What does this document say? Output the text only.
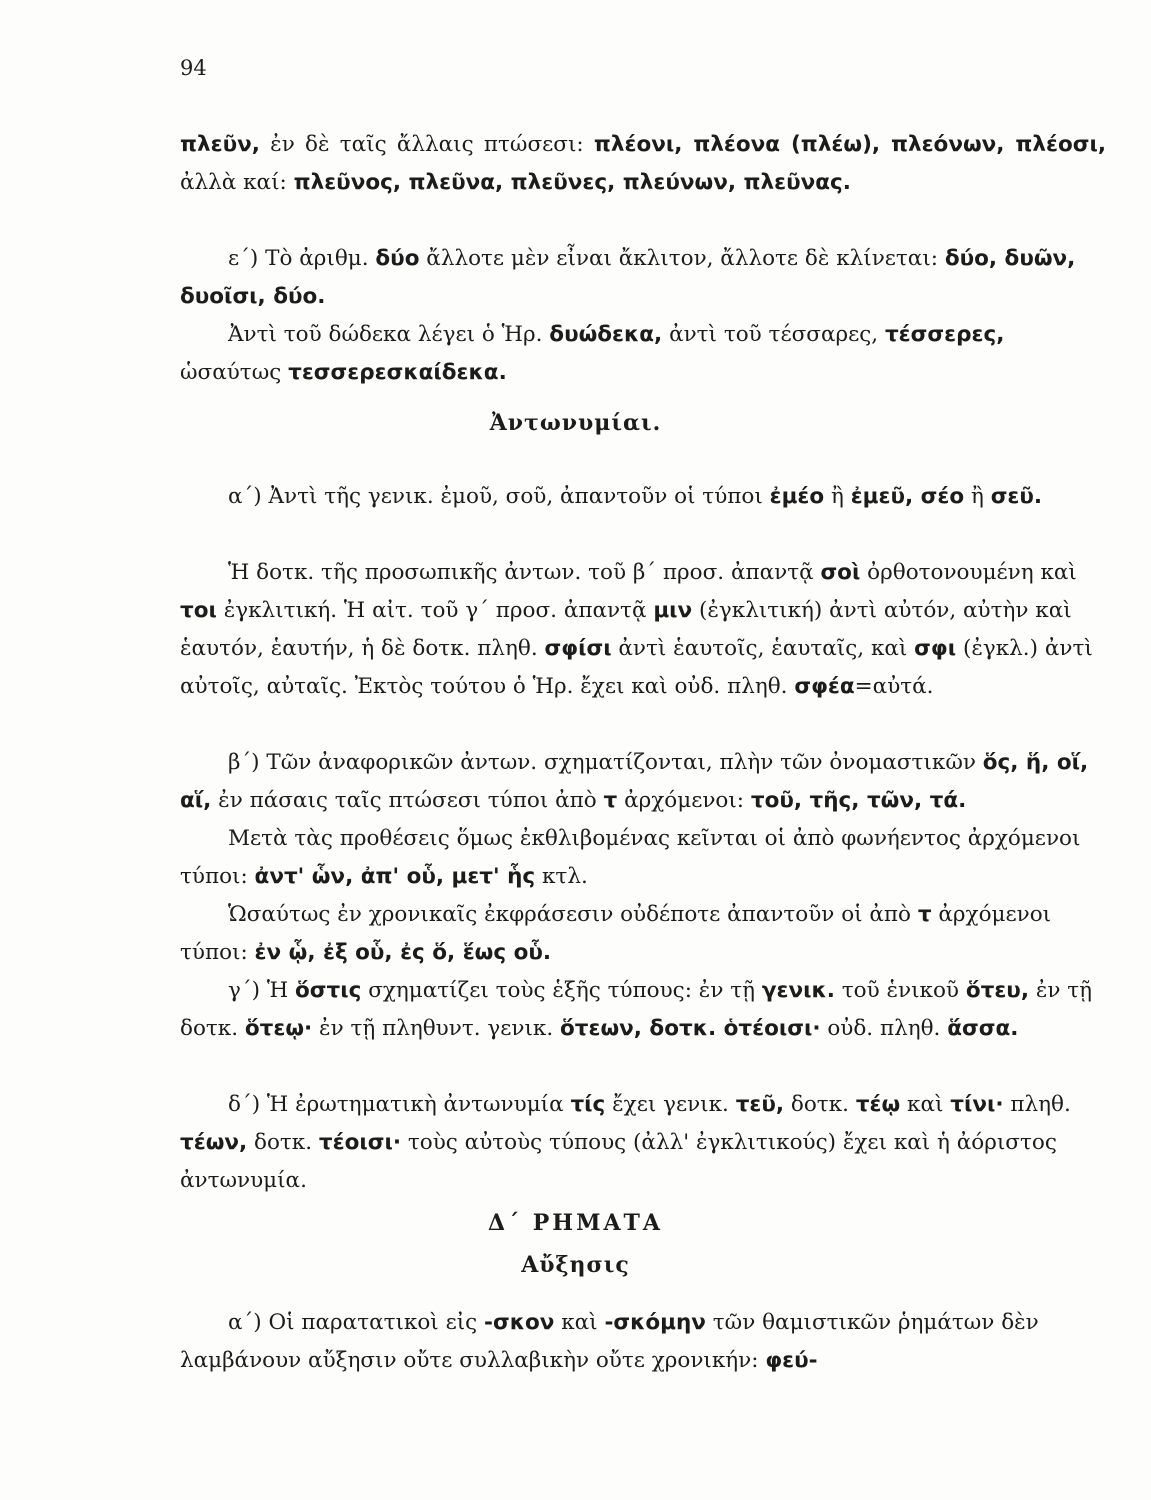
94
πλεῦν, ἐν δὲ ταῖς ἄλλαις πτώσεσι: πλέονι, πλέονα (πλέω), πλεόνων, πλέοσι, ἀλλὰ καί: πλεῦνος, πλεῦνα, πλεῦνες, πλεύνων, πλεῦνας.
ε΄) Τὸ ἀριθμ. δύο ἄλλοτε μὲν εἶναι ἄκλιτον, ἄλλοτε δὲ κλίνεται: δύο, δυῶν, δυοῖσι, δύο.
Ἀντὶ τοῦ δώδεκα λέγει ὁ Ἡρ. δυώδεκα, ἀντὶ τοῦ τέσσαρες, τέσσερες, ὡσαύτως τεσσερεσκαίδεκα.
Ἀντωνυμίαι.
α΄) Ἀντὶ τῆς γενικ. ἐμοῦ, σοῦ, ἀπαντοῦν οἱ τύποι ἐμέο ἢ ἐμεῦ, σέο ἢ σεῦ.
Ἡ δοτκ. τῆς προσωπικῆς ἀντων. τοῦ β΄ προσ. ἀπαντᾷ σοὶ ὀρθοτονουμένη καὶ τοι ἐγκλιτική. Ἡ αἰτ. τοῦ γ΄ προσ. ἀπαντᾷ μιν (ἐγκλιτική) ἀντὶ αὐτόν, αὐτὴν καὶ ἑαυτόν, ἑαυτήν, ἡ δὲ δοτκ. πληθ. σφίσι ἀντὶ ἑαυτοῖς, ἑαυταῖς, καὶ σφι (ἐγκλ.) ἀντὶ αὐτοῖς, αὐταῖς. Ἐκτὸς τούτου ὁ Ἡρ. ἔχει καὶ οὐδ. πληθ. σφέα=αὐτά.
β΄) Τῶν ἀναφορικῶν ἀντων. σχηματίζονται, πλὴν τῶν ὀνομαστικῶν ὅς, ἥ, οἵ, αἵ, ἐν πάσαις ταῖς πτώσεσι τύποι ἀπὸ τ ἀρχόμενοι: τοῦ, τῆς, τῶν, τά.
Μετὰ τὰς προθέσεις ὅμως ἐκθλιβομένας κεῖνται οἱ ἀπὸ φωνήεντος ἀρχόμενοι τύποι: ἀντ' ὧν, ἀπ' οὗ, μετ' ἧς κτλ.
Ὡσαύτως ἐν χρονικαῖς ἐκφράσεσιν οὐδέποτε ἀπαντοῦν οἱ ἀπὸ τ ἀρχόμενοι τύποι: ἐν ᾧ, ἐξ οὗ, ἐς ὅ, ἕως οὗ.
γ΄) Ἡ ὅστις σχηματίζει τοὺς ἑξῆς τύπους: ἐν τῇ γενικ. τοῦ ἑνικοῦ ὅτευ, ἐν τῇ δοτκ. ὅτεῳ· ἐν τῇ πληθυντ. γενικ. ὅτεων, δοτκ. ὁτέοισι· οὐδ. πληθ. ἅσσα.
δ΄) Ἡ ἐρωτηματικὴ ἀντωνυμία τίς ἔχει γενικ. τεῦ, δοτκ. τέῳ καὶ τίνι· πληθ. τέων, δοτκ. τέοισι· τοὺς αὐτοὺς τύπους (ἀλλ' ἐγκλιτικούς) ἔχει καὶ ἡ ἀόριστος ἀντωνυμία.
Δ΄ ΡΗΜΑΤΑ
Αὔξησις
α΄) Οἱ παρατατικοὶ εἰς -σκον καὶ -σκόμην τῶν θαμιστικῶν ῥημάτων δὲν λαμβάνουν αὔξησιν οὔτε συλλαβικὴν οὔτε χρονικήν: φεύ-
